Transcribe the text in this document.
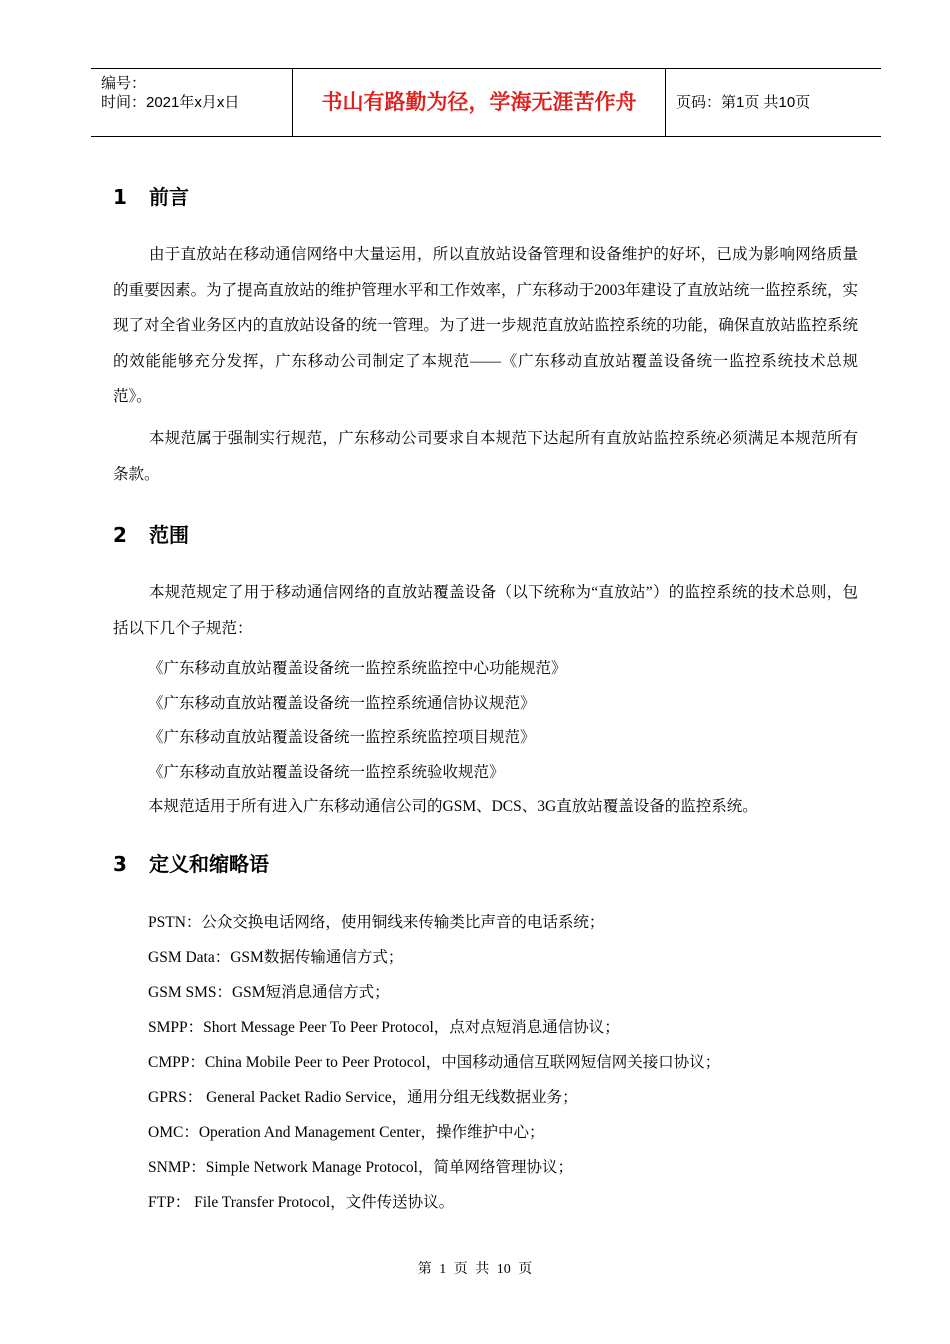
编号：
时间：2021年x月x日	书山有路勤为径，学海无涯苦作舟	页码：第1页 共10页
1 前言

由于直放站在移动通信网络中大量运用，所以直放站设备管理和设备维护的好坏，已成为影响网络质量的重要因素。为了提高直放站的维护管理水平和工作效率，广东移动于2003年建设了直放站统一监控系统，实现了对全省业务区内的直放站设备的统一管理。为了进一步规范直放站监控系统的功能，确保直放站监控系统的效能能够充分发挥，广东移动公司制定了本规范——《广东移动直放站覆盖设备统一监控系统技术总规范》。

本规范属于强制实行规范，广东移动公司要求自本规范下达起所有直放站监控系统必须满足本规范所有条款。

2 范围

本规范规定了用于移动通信网络的直放站覆盖设备（以下统称为“直放站”）的监控系统的技术总则，包括以下几个子规范：

《广东移动直放站覆盖设备统一监控系统监控中心功能规范》
《广东移动直放站覆盖设备统一监控系统通信协议规范》
《广东移动直放站覆盖设备统一监控系统监控项目规范》
《广东移动直放站覆盖设备统一监控系统验收规范》
本规范适用于所有进入广东移动通信公司的GSM、DCS、3G直放站覆盖设备的监控系统。
3 定义和缩略语
PSTN：公众交换电话网络，使用铜线来传输类比声音的电话系统；
GSM Data：GSM数据传输通信方式；
GSM SMS：GSM短消息通信方式；
SMPP：Short Message Peer To Peer Protocol，点对点短消息通信协议；
CMPP：China Mobile Peer to Peer Protocol，中国移动通信互联网短信网关接口协议；
GPRS： General Packet Radio Service，通用分组无线数据业务；
OMC：Operation And Management Center，操作维护中心；
SNMP：Simple Network Manage Protocol，简单网络管理协议；
FTP： File Transfer Protocol，文件传送协议。
第 1 页 共 10 页
